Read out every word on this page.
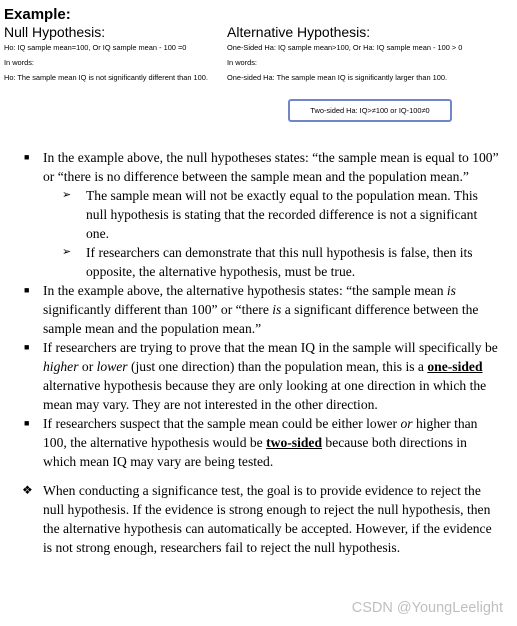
Example:
Null Hypothesis:
Ho: IQ sample mean=100, Or IQ sample mean - 100 =0
In words:
Ho: The sample mean IQ is not significantly different than 100.
Alternative Hypothesis:
One-Sided Ha: IQ sample mean>100, Or Ha: IQ sample mean - 100 > 0
In words:
One-sided Ha: The sample mean IQ is significantly larger than 100.
Two-sided Ha: IQ>≠100 or IQ-100≠0
■ In the example above, the null hypotheses states: “the sample mean is equal to 100” or “there is no difference between the sample mean and the population mean.”
➢ The sample mean will not be exactly equal to the population mean. This null hypothesis is stating that the recorded difference is not a significant one.
➢ If researchers can demonstrate that this null hypothesis is false, then its opposite, the alternative hypothesis, must be true.
■ In the example above, the alternative hypothesis states: “the sample mean is significantly different than 100” or “there is a significant difference between the sample mean and the population mean.”
■ If researchers are trying to prove that the mean IQ in the sample will specifically be higher or lower (just one direction) than the population mean, this is a one-sided alternative hypothesis because they are only looking at one direction in which the mean may vary. They are not interested in the other direction.
■ If researchers suspect that the sample mean could be either lower or higher than 100, the alternative hypothesis would be two-sided because both directions in which mean IQ may vary are being tested.
❖ When conducting a significance test, the goal is to provide evidence to reject the null hypothesis. If the evidence is strong enough to reject the null hypothesis, then the alternative hypothesis can automatically be accepted. However, if the evidence is not strong enough, researchers fail to reject the null hypothesis.
CSDN @YoungLeelight
